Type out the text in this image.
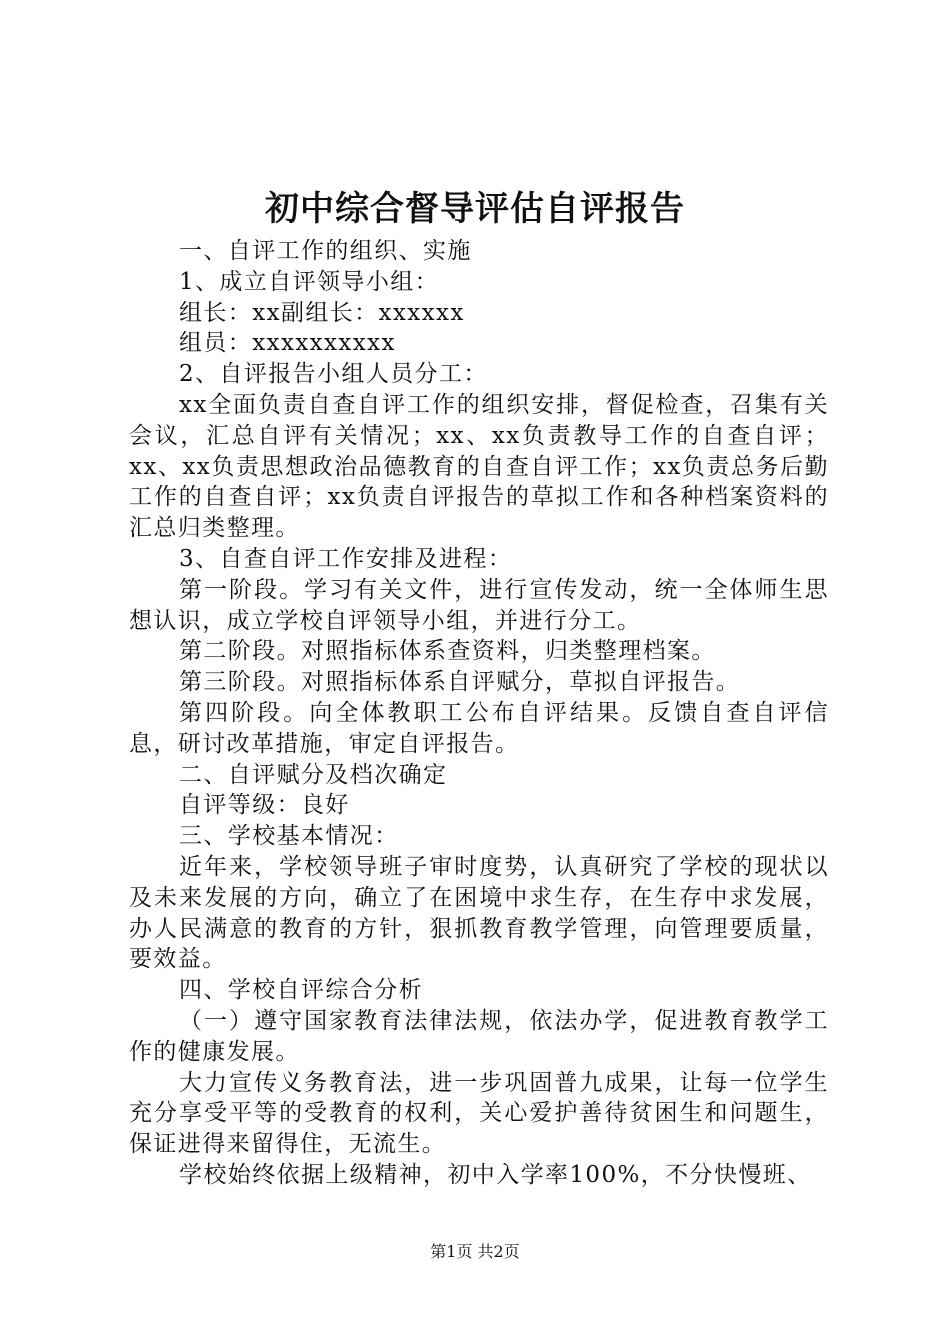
初中综合督导评估自评报告

一、自评工作的组织、实施

1、成立自评领导小组：

组长：xx副组长：xxxxxx

组员：xxxxxxxxxx

2、自评报告小组人员分工：

xx全面负责自查自评工作的组织安排，督促检查，召集有关会议，汇总自评有关情况；xx、xx负责教导工作的自查自评；xx、xx负责思想政治品德教育的自查自评工作；xx负责总务后勤工作的自查自评；xx负责自评报告的草拟工作和各种档案资料的汇总归类整理。

3、自查自评工作安排及进程：

第一阶段。学习有关文件，进行宣传发动，统一全体师生思想认识，成立学校自评领导小组，并进行分工。

第二阶段。对照指标体系查资料，归类整理档案。

第三阶段。对照指标体系自评赋分，草拟自评报告。

第四阶段。向全体教职工公布自评结果。反馈自查自评信息，研讨改革措施，审定自评报告。

二、自评赋分及档次确定

自评等级：良好

三、学校基本情况：

近年来，学校领导班子审时度势，认真研究了学校的现状以及未来发展的方向，确立了在困境中求生存，在生存中求发展，办人民满意的教育的方针，狠抓教育教学管理，向管理要质量，要效益。

四、学校自评综合分析

（一）遵守国家教育法律法规，依法办学，促进教育教学工作的健康发展。

大力宣传义务教育法，进一步巩固普九成果，让每一位学生充分享受平等的受教育的权利，关心爱护善待贫困生和问题生，保证进得来留得住，无流生。

学校始终依据上级精神，初中入学率100%，不分快慢班、

第1页 共2页
